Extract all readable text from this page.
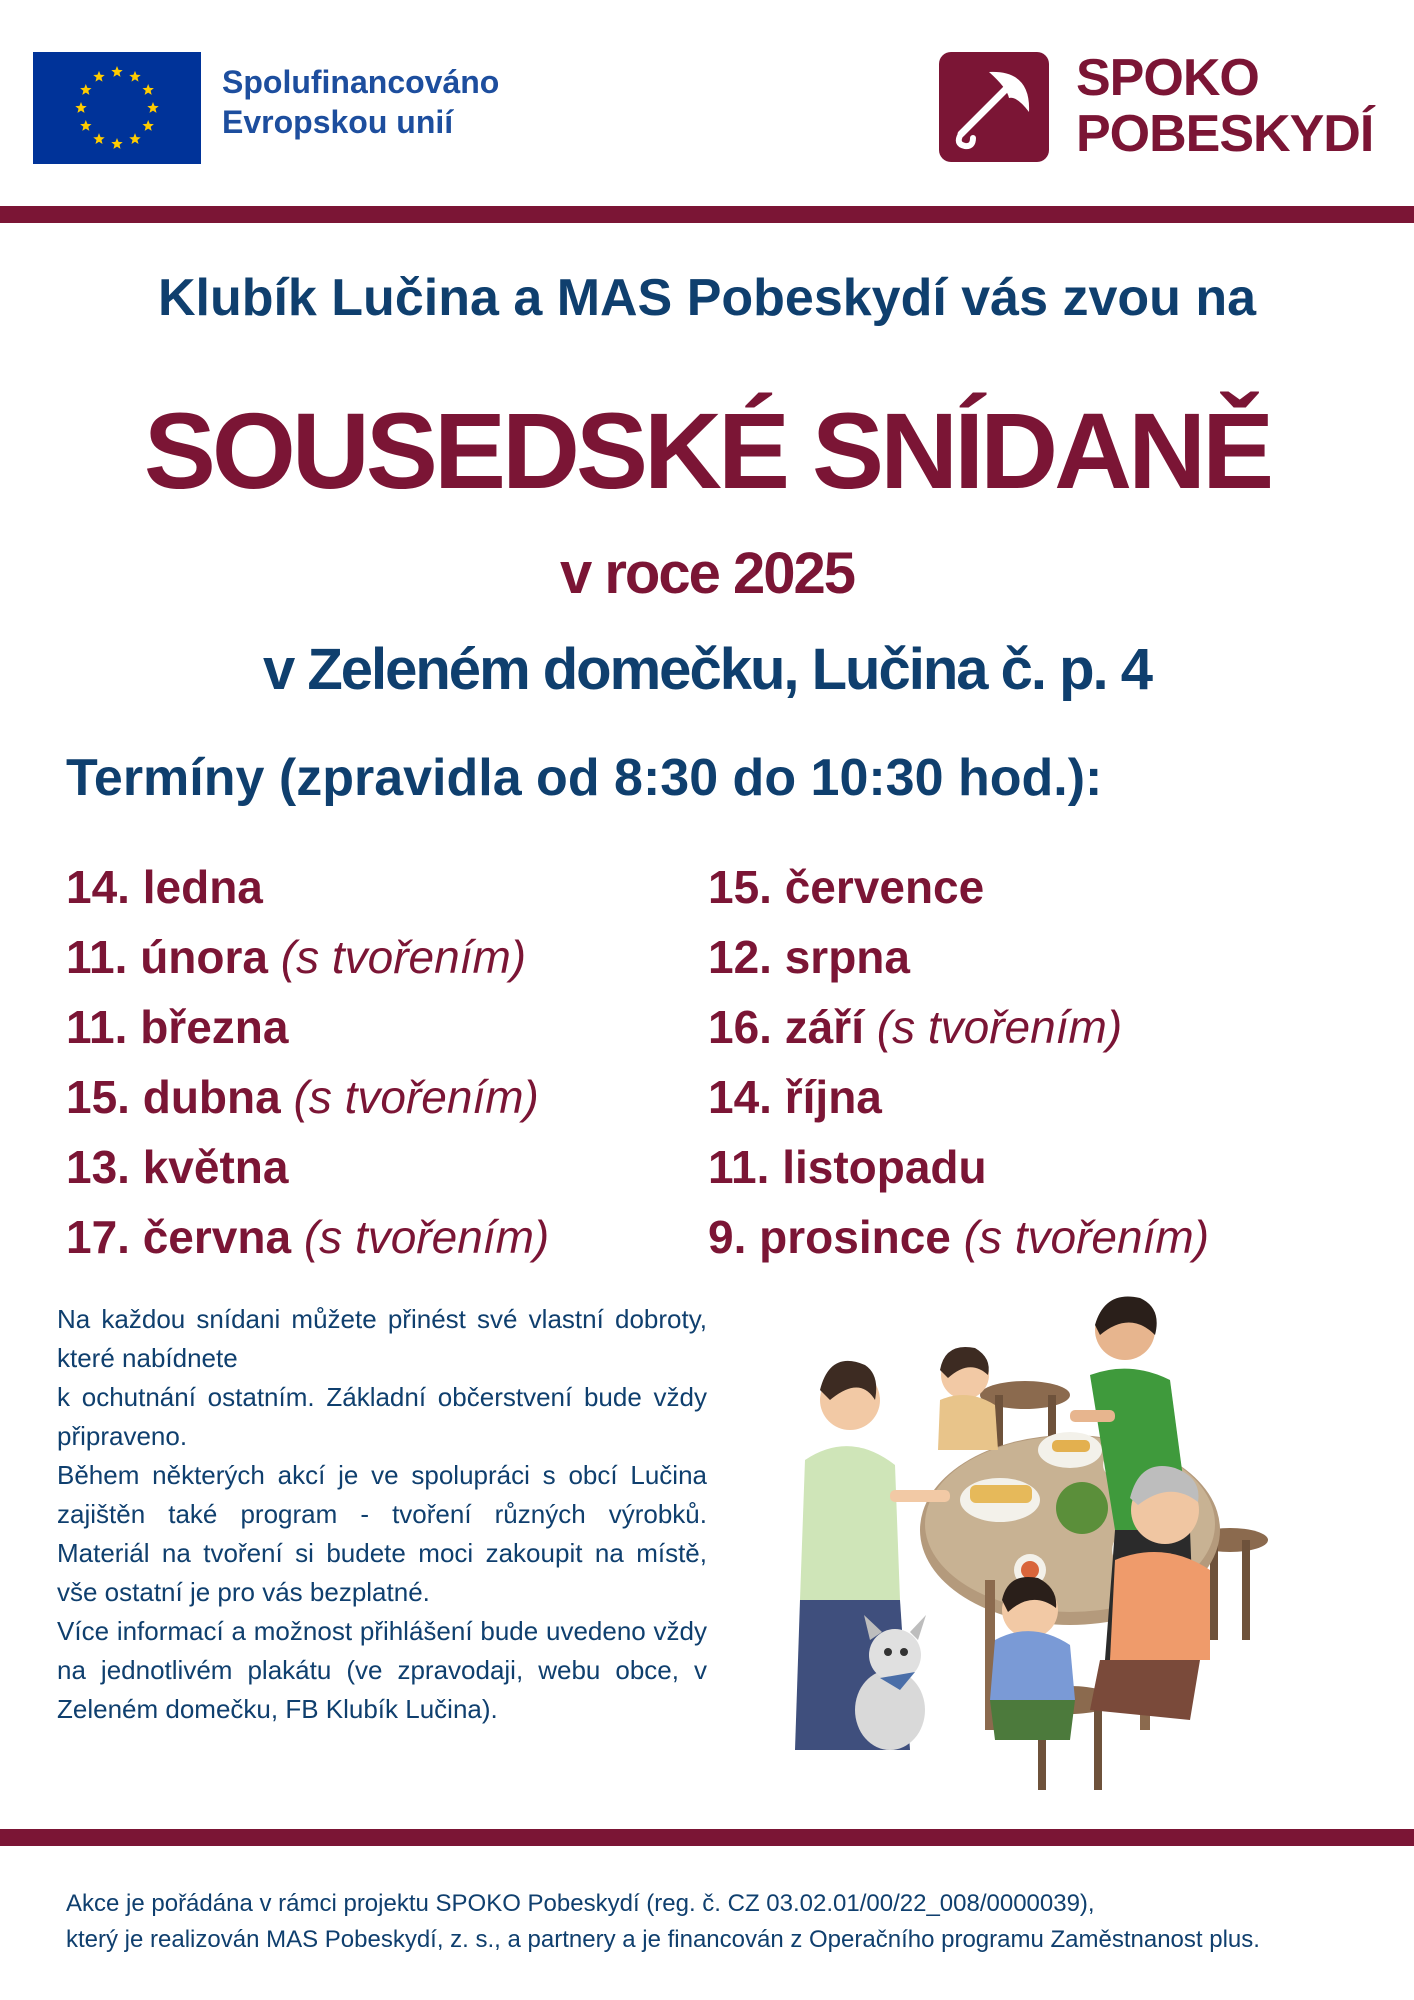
Spolufinancováno
Evropskou unií
SPOKO
POBESKYDÍ
Klubík Lučina a MAS Pobeskydí vás zvou na
SOUSEDSKÉ SNÍDANĚ
v roce 2025
v Zeleném domečku, Lučina č. p. 4
Termíny (zpravidla od 8:30 do 10:30 hod.):
14. ledna
11. února (s tvořením)
11. března
15. dubna (s tvořením)
13. května
17. června (s tvořením)
15. července
12. srpna
16. září (s tvořením)
14. října
11. listopadu
9. prosince (s tvořením)

Na každou snídani můžete přinést své vlastní dobroty, které nabídnete

k ochutnání ostatním. Základní občerstvení bude vždy připraveno.

Během některých akcí je ve spolupráci s obcí Lučina zajištěn také program - tvoření různých výrobků. Materiál na tvoření si budete moci zakoupit na místě, vše ostatní je pro vás bezplatné.

Více informací a možnost přihlášení bude uvedeno vždy na jednotlivém plakátu (ve zpravodaji, webu obce, v Zeleném domečku, FB Klubík Lučina).

Akce je pořádána v rámci projektu SPOKO Pobeskydí (reg. č. CZ 03.02.01/00/22_008/0000039),
který je realizován MAS Pobeskydí, z. s., a partnery a je financován z Operačního programu Zaměstnanost plus.
